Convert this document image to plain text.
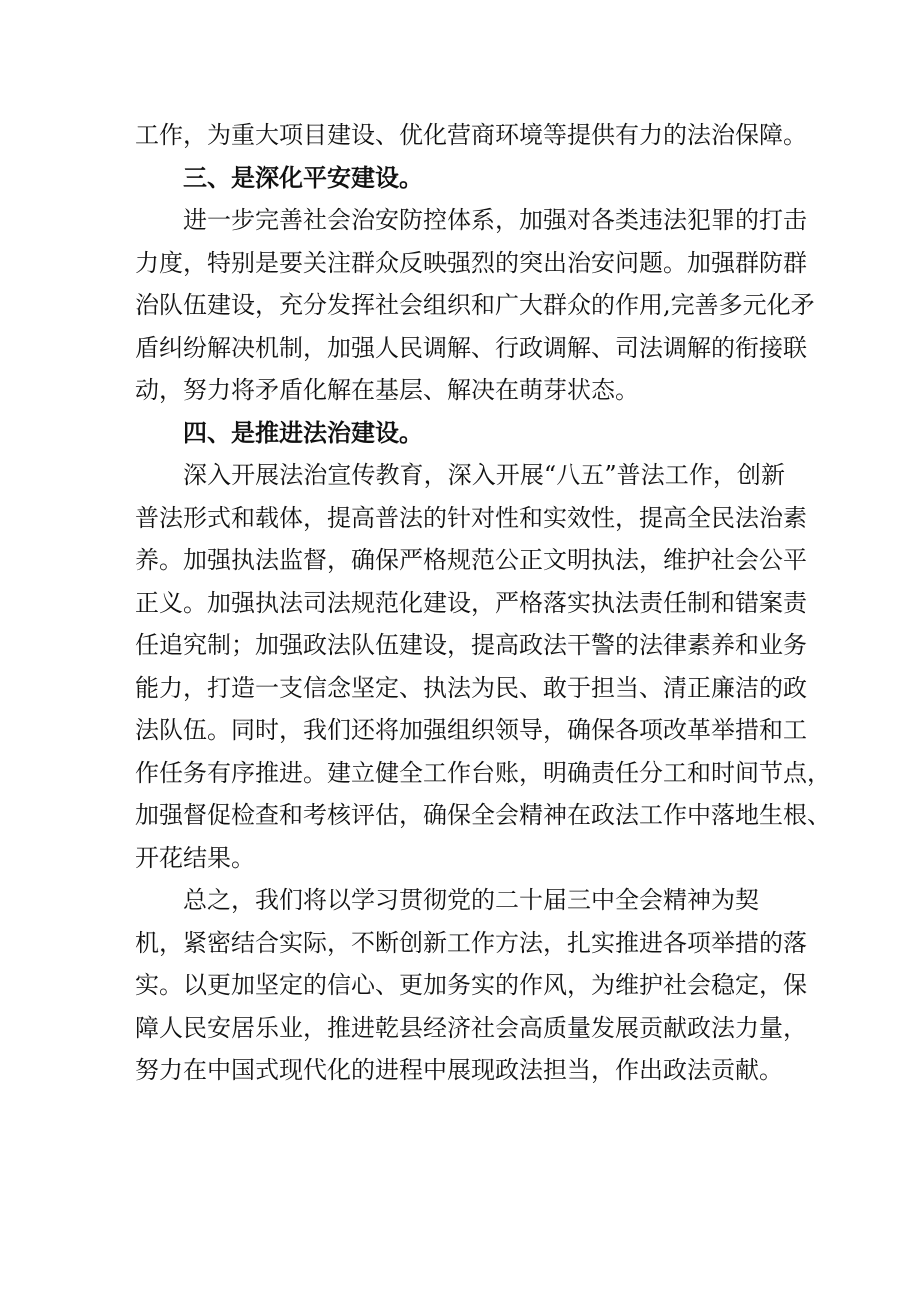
工作，为重大项目建设、优化营商环境等提供有力的法治保障。
三、是深化平安建设。
进一步完善社会治安防控体系，加强对各类违法犯罪的打击
力度，特别是要关注群众反映强烈的突出治安问题。加强群防群
治队伍建设，充分发挥社会组织和广大群众的作用,完善多元化矛
盾纠纷解决机制，加强人民调解、行政调解、司法调解的衔接联
动，努力将矛盾化解在基层、解决在萌芽状态。
四、是推进法治建设。
深入开展法治宣传教育，深入开展“八五”普法工作，创新
普法形式和载体，提高普法的针对性和实效性，提高全民法治素
养。加强执法监督，确保严格规范公正文明执法，维护社会公平
正义。加强执法司法规范化建设，严格落实执法责任制和错案责
任追究制；加强政法队伍建设，提高政法干警的法律素养和业务
能力，打造一支信念坚定、执法为民、敢于担当、清正廉洁的政
法队伍。同时，我们还将加强组织领导，确保各项改革举措和工
作任务有序推进。建立健全工作台账，明确责任分工和时间节点，
加强督促检查和考核评估，确保全会精神在政法工作中落地生根、
开花结果。
总之，我们将以学习贯彻党的二十届三中全会精神为契
机，紧密结合实际，不断创新工作方法，扎实推进各项举措的落
实。以更加坚定的信心、更加务实的作风，为维护社会稳定，保
障人民安居乐业，推进乾县经济社会高质量发展贡献政法力量，
努力在中国式现代化的进程中展现政法担当，作出政法贡献。
